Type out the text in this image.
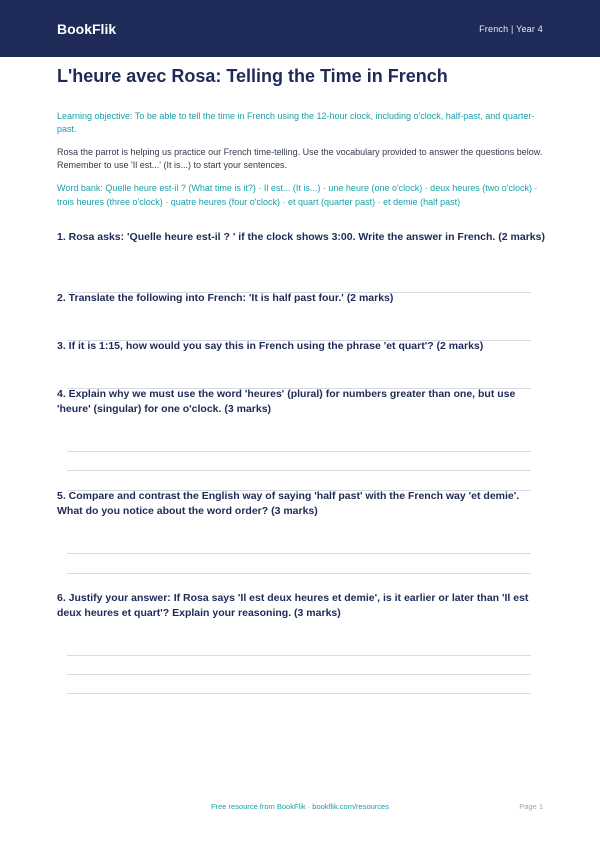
BookFlik	French | Year 4
L'heure avec Rosa: Telling the Time in French
Learning objective: To be able to tell the time in French using the 12-hour clock, including o'clock, half-past, and quarter-past.
Rosa the parrot is helping us practice our French time-telling. Use the vocabulary provided to answer the questions below. Remember to use 'Il est...' (It is...) to start your sentences.
Word bank: Quelle heure est-il ? (What time is it?) · Il est... (It is...) · une heure (one o'clock) · deux heures (two o'clock) · trois heures (three o'clock) · quatre heures (four o'clock) · et quart (quarter past) · et demie (half past)
1. Rosa asks: 'Quelle heure est-il ? ' if the clock shows 3:00. Write the answer in French. (2 marks)
2. Translate the following into French: 'It is half past four.' (2 marks)
3. If it is 1:15, how would you say this in French using the phrase 'et quart'? (2 marks)
4. Explain why we must use the word 'heures' (plural) for numbers greater than one, but use 'heure' (singular) for one o'clock. (3 marks)
5. Compare and contrast the English way of saying 'half past' with the French way 'et demie'. What do you notice about the word order? (3 marks)
6. Justify your answer: If Rosa says 'Il est deux heures et demie', is it earlier or later than 'Il est deux heures et quart'? Explain your reasoning. (3 marks)
Free resource from BookFlik · bookflik.com/resources	Page 1
